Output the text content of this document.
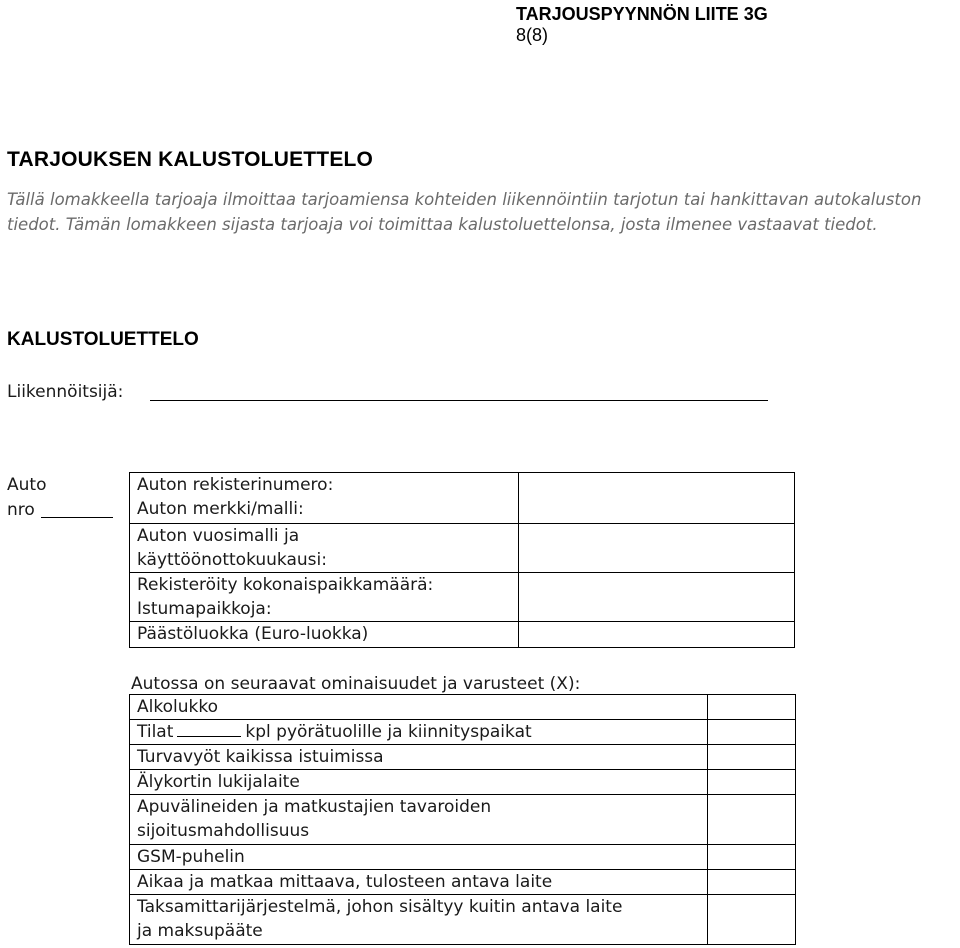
TARJOUSPYYNNÖN LIITE 3G
8(8)
TARJOUKSEN KALUSTOLUETTELO
Tällä lomakkeella tarjoaja ilmoittaa tarjoamiensa kohteiden liikennöintiin tarjotun tai hankittavan autokaluston tiedot. Tämän lomakkeen sijasta tarjoaja voi toimittaa kalustoluettelonsa, josta ilmenee vastaavat tiedot.
KALUSTOLUETTELO
Liikennöitsijä:
Auto
nro
Auton rekisterinumero:
Auton merkki/malli:	
Auton vuosimalli ja
käyttöönottokuukausi:	
Rekisteröity kokonaispaikkamäärä:
Istumapaikkoja:	
Päästöluokka (Euro-luokka)	
Autossa on seuraavat ominaisuudet ja varusteet (X):
Alkolukko	
Tilat kpl pyörätuolille ja kiinnityspaikat	
Turvavyöt kaikissa istuimissa	
Älykortin lukijalaite	
Apuvälineiden ja matkustajien tavaroiden
sijoitusmahdollisuus	
GSM-puhelin	
Aikaa ja matkaa mittaava, tulosteen antava laite	
Taksamittarijärjestelmä, johon sisältyy kuitin antava laite
ja maksupääte	
